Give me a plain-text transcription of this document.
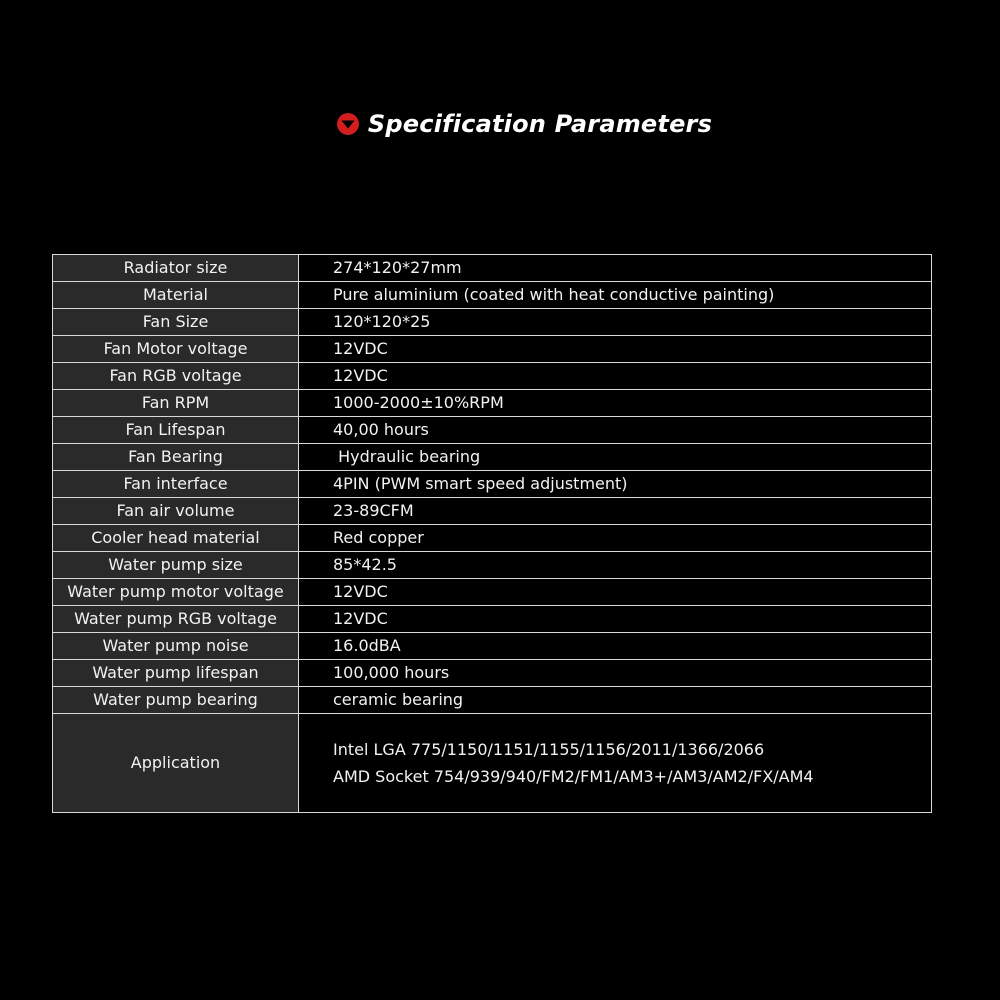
Specification Parameters
Radiator size	274*120*27mm
Material	Pure aluminium (coated with heat conductive painting)
Fan Size	120*120*25
Fan Motor voltage	12VDC
Fan RGB voltage	12VDC
Fan RPM	1000-2000±10%RPM
Fan Lifespan	40,00 hours
Fan Bearing	Hydraulic bearing
Fan interface	4PIN (PWM smart speed adjustment)
Fan air volume	23-89CFM
Cooler head material	Red copper
Water pump size	85*42.5
Water pump motor voltage	12VDC
Water pump RGB voltage	12VDC
Water pump noise	16.0dBA
Water pump lifespan	100,000 hours
Water pump bearing	ceramic bearing
Application	Intel LGA 775/1150/1151/1155/1156/2011/1366/2066
AMD Socket 754/939/940/FM2/FM1/AM3+/AM3/AM2/FX/AM4
